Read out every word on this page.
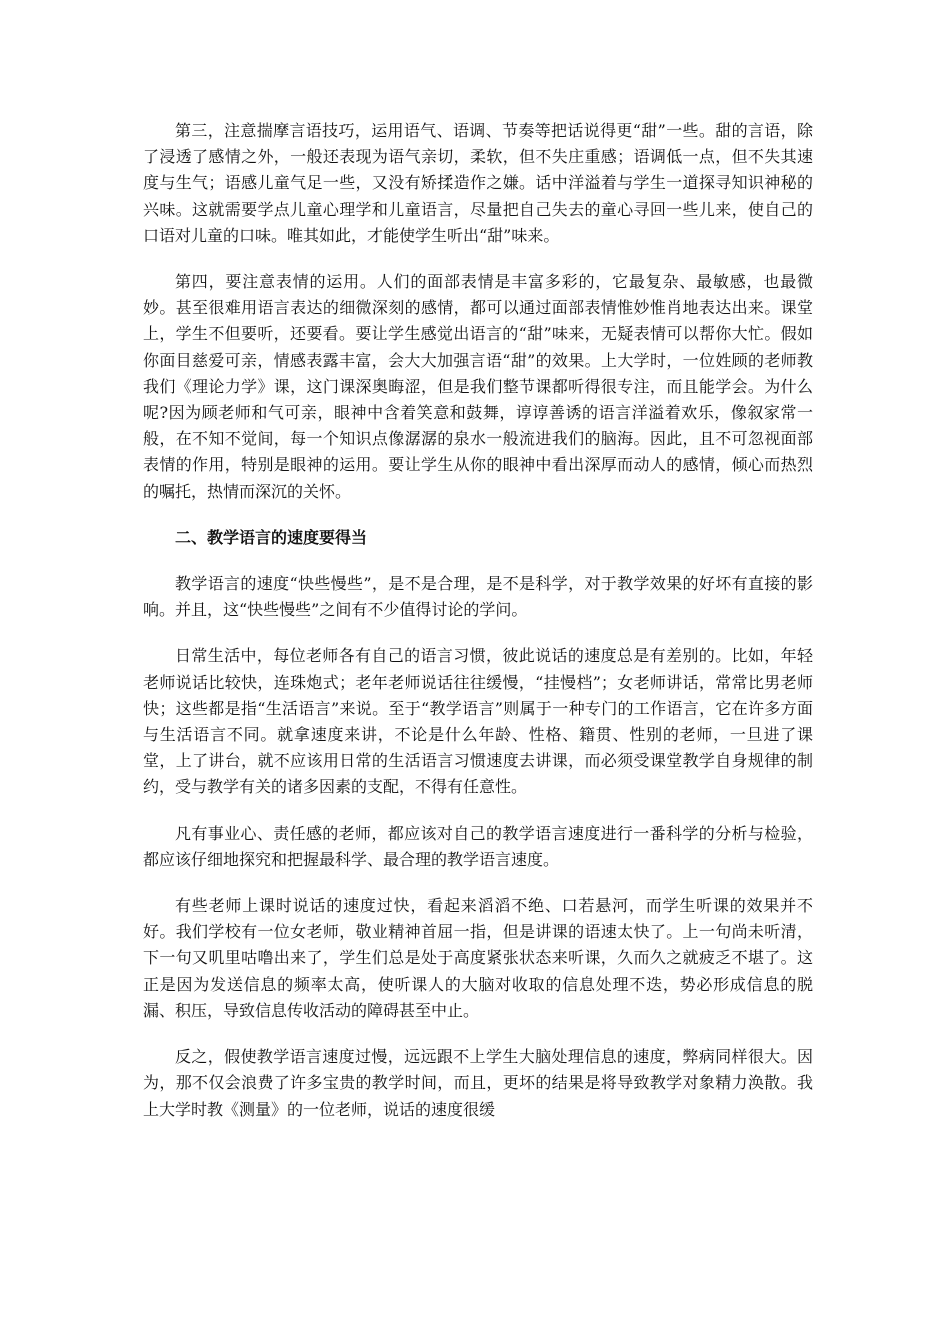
第三，注意揣摩言语技巧，运用语气、语调、节奏等把话说得更“甜”一些。甜的言语，除了浸透了感情之外，一般还表现为语气亲切，柔软，但不失庄重感；语调低一点，但不失其速度与生气；语感儿童气足一些，又没有矫揉造作之嫌。话中洋溢着与学生一道探寻知识神秘的兴味。这就需要学点儿童心理学和儿童语言，尽量把自己失去的童心寻回一些儿来，使自己的口语对儿童的口味。唯其如此，才能使学生听出“甜”味来。

第四，要注意表情的运用。人们的面部表情是丰富多彩的，它最复杂、最敏感，也最微妙。甚至很难用语言表达的细微深刻的感情，都可以通过面部表情惟妙惟肖地表达出来。课堂上，学生不但要听，还要看。要让学生感觉出语言的“甜”味来，无疑表情可以帮你大忙。假如你面目慈爱可亲，情感表露丰富，会大大加强言语“甜”的效果。上大学时，一位姓顾的老师教我们《理论力学》课，这门课深奥晦涩，但是我们整节课都听得很专注，而且能学会。为什么呢?因为顾老师和气可亲，眼神中含着笑意和鼓舞，谆谆善诱的语言洋溢着欢乐，像叙家常一般，在不知不觉间，每一个知识点像潺潺的泉水一般流进我们的脑海。因此，且不可忽视面部表情的作用，特别是眼神的运用。要让学生从你的眼神中看出深厚而动人的感情，倾心而热烈的嘱托，热情而深沉的关怀。

二、教学语言的速度要得当

教学语言的速度“快些慢些”，是不是合理，是不是科学，对于教学效果的好坏有直接的影响。并且，这“快些慢些”之间有不少值得讨论的学问。

日常生活中，每位老师各有自己的语言习惯，彼此说话的速度总是有差别的。比如，年轻老师说话比较快，连珠炮式；老年老师说话往往缓慢，“挂慢档”；女老师讲话，常常比男老师快；这些都是指“生活语言”来说。至于“教学语言”则属于一种专门的工作语言，它在许多方面与生活语言不同。就拿速度来讲，不论是什么年龄、性格、籍贯、性别的老师，一旦进了课堂，上了讲台，就不应该用日常的生活语言习惯速度去讲课，而必须受课堂教学自身规律的制约，受与教学有关的诸多因素的支配，不得有任意性。

凡有事业心、责任感的老师，都应该对自己的教学语言速度进行一番科学的分析与检验，都应该仔细地探究和把握最科学、最合理的教学语言速度。

有些老师上课时说话的速度过快，看起来滔滔不绝、口若悬河，而学生听课的效果并不好。我们学校有一位女老师，敬业精神首屈一指，但是讲课的语速太快了。上一句尚未听清，下一句又叽里咕噜出来了，学生们总是处于高度紧张状态来听课，久而久之就疲乏不堪了。这正是因为发送信息的频率太高，使听课人的大脑对收取的信息处理不迭，势必形成信息的脱漏、积压，导致信息传收活动的障碍甚至中止。

反之，假使教学语言速度过慢，远远跟不上学生大脑处理信息的速度，弊病同样很大。因为，那不仅会浪费了许多宝贵的教学时间，而且，更坏的结果是将导致教学对象精力涣散。我上大学时教《测量》的一位老师，说话的速度很缓
